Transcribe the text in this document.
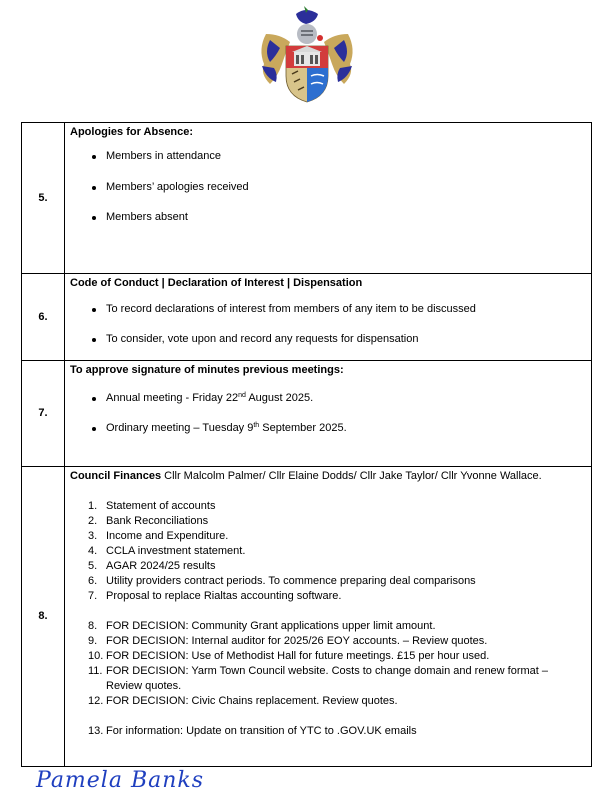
5.	
Apologies for Absence:
Members in attendance
Members’ apologies received
Members absent

6.	
Code of Conduct | Declaration of Interest | Dispensation
To record declarations of interest from members of any item to be discussed
To consider, vote upon and record any requests for dispensation

7.	
To approve signature of minutes previous meetings:
Annual meeting - Friday 22nd August 2025.
Ordinary meeting – Tuesday 9th September 2025.

8.	
Council Finances Cllr Malcolm Palmer/ Cllr Elaine Dodds/ Cllr Jake Taylor/ Cllr Yvonne Wallace.
1. Statement of accounts
2. Bank Reconciliations
3. Income and Expenditure.
4. CCLA investment statement.
5. AGAR 2024/25 results
6. Utility providers contract periods. To commence preparing deal comparisons
7. Proposal to replace Rialtas accounting software.
8. FOR DECISION: Community Grant applications upper limit amount.
9. FOR DECISION: Internal auditor for 2025/26 EOY accounts. – Review quotes.
10. FOR DECISION: Use of Methodist Hall for future meetings. £15 per hour used.
11. FOR DECISION: Yarm Town Council website. Costs to change domain and renew format – Review quotes.
12. FOR DECISION: Civic Chains replacement. Review quotes.
13. For information: Update on transition of YTC to .GOV.UK emails
Pamela Banks
